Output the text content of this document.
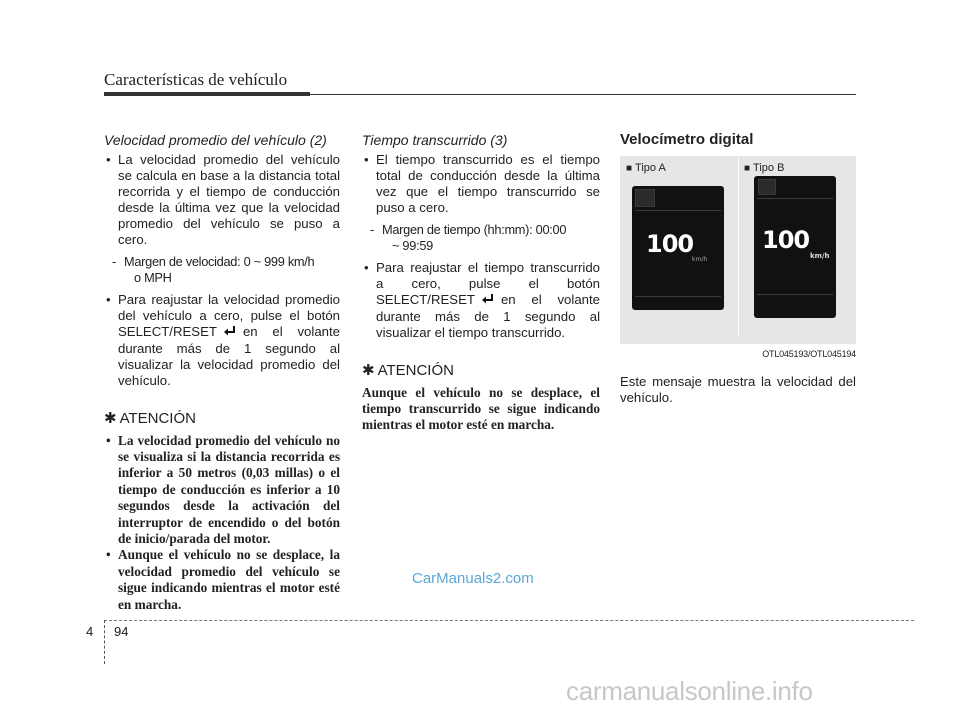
Características de vehículo
Velocidad promedio del vehículo (2)
• La velocidad promedio del vehículo se calcula en base a la distancia total recorrida y el tiempo de conducción desde la última vez que la velocidad promedio del vehículo se puso a cero.
- Margen de velocidad: 0 ~ 999 km/h
o MPH
• Para reajustar la velocidad promedio del vehículo a cero, pulse el botón SELECT/RESET en el volante durante más de 1 segundo al visualizar la velocidad promedio del vehículo.
✱ ATENCIÓN
• La velocidad promedio del vehículo no se visualiza si la distancia recorrida es inferior a 50 metros (0,03 millas) o el tiempo de conducción es inferior a 10 segundos desde la activación del interruptor de encendido o del botón de inicio/parada del motor.
• Aunque el vehículo no se desplace, la velocidad promedio del vehículo se sigue indicando mientras el motor esté en marcha.
Tiempo transcurrido (3)
• El tiempo transcurrido es el tiempo total de conducción desde la última vez que el tiempo transcurrido se puso a cero.
- Margen de tiempo (hh:mm): 00:00
~ 99:59
• Para reajustar el tiempo transcurrido a cero, pulse el botón SELECT/RESET en el volante durante más de 1 segundo al visualizar el tiempo transcurrido.
✱ ATENCIÓN
Aunque el vehículo no se desplace, el tiempo transcurrido se sigue indicando mientras el motor esté en marcha.
Velocímetro digital
■ Tipo A	■ Tipo B
100
km/h
100
km/h
OTL045193/OTL045194
Este mensaje muestra la velocidad del vehículo.
CarManuals2.com
4 94
carmanualsonline.info
